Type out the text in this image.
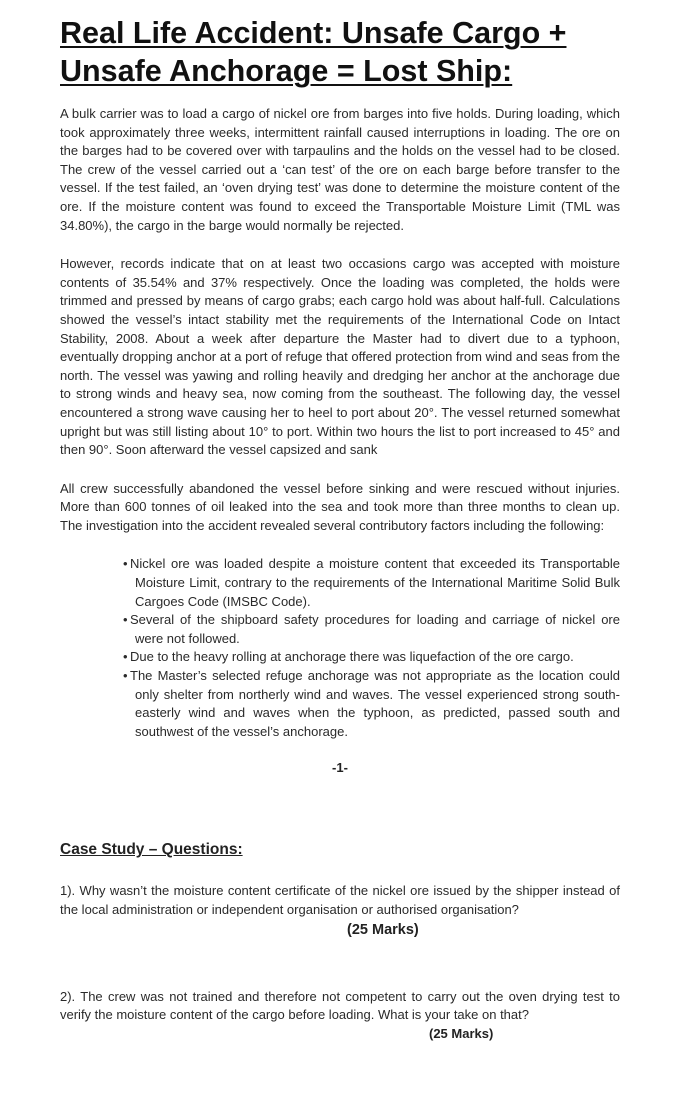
Real Life Accident: Unsafe Cargo + Unsafe Anchorage = Lost Ship:

A bulk carrier was to load a cargo of nickel ore from barges into five holds. During loading, which took approximately three weeks, intermittent rainfall caused interruptions in loading. The ore on the barges had to be covered over with tarpaulins and the holds on the vessel had to be closed. The crew of the vessel carried out a ‘can test’ of the ore on each barge before transfer to the vessel. If the test failed, an ‘oven drying test’ was done to determine the moisture content of the ore. If the moisture content was found to exceed the Transportable Moisture Limit (TML was 34.80%), the cargo in the barge would normally be rejected.

However, records indicate that on at least two occasions cargo was accepted with moisture contents of 35.54% and 37% respectively. Once the loading was completed, the holds were trimmed and pressed by means of cargo grabs; each cargo hold was about half-full. Calculations showed the vessel’s intact stability met the requirements of the International Code on Intact Stability, 2008. About a week after departure the Master had to divert due to a typhoon, eventually dropping anchor at a port of refuge that offered protection from wind and seas from the north. The vessel was yawing and rolling heavily and dredging her anchor at the anchorage due to strong winds and heavy sea, now coming from the southeast. The following day, the vessel encountered a strong wave causing her to heel to port about 20°. The vessel returned somewhat upright but was still listing about 10° to port. Within two hours the list to port increased to 45° and then 90°. Soon afterward the vessel capsized and sank

All crew successfully abandoned the vessel before sinking and were rescued without injuries. More than 600 tonnes of oil leaked into the sea and took more than three months to clean up. The investigation into the accident revealed several contributory factors including the following:

• Nickel ore was loaded despite a moisture content that exceeded its Transportable Moisture Limit, contrary to the requirements of the International Maritime Solid Bulk Cargoes Code (IMSBC Code).
• Several of the shipboard safety procedures for loading and carriage of nickel ore were not followed.
• Due to the heavy rolling at anchorage there was liquefaction of the ore cargo.
• The Master’s selected refuge anchorage was not appropriate as the location could only shelter from northerly wind and waves. The vessel experienced strong south-easterly wind and waves when the typhoon, as predicted, passed south and southwest of the vessel’s anchorage.
-1-
Case Study – Questions:

1). Why wasn’t the moisture content certificate of the nickel ore issued by the shipper instead of the local administration or independent organisation or authorised organisation?

(25 Marks)

2). The crew was not trained and therefore not competent to carry out the oven drying test to verify the moisture content of the cargo before loading. What is your take on that?

(25 Marks)
